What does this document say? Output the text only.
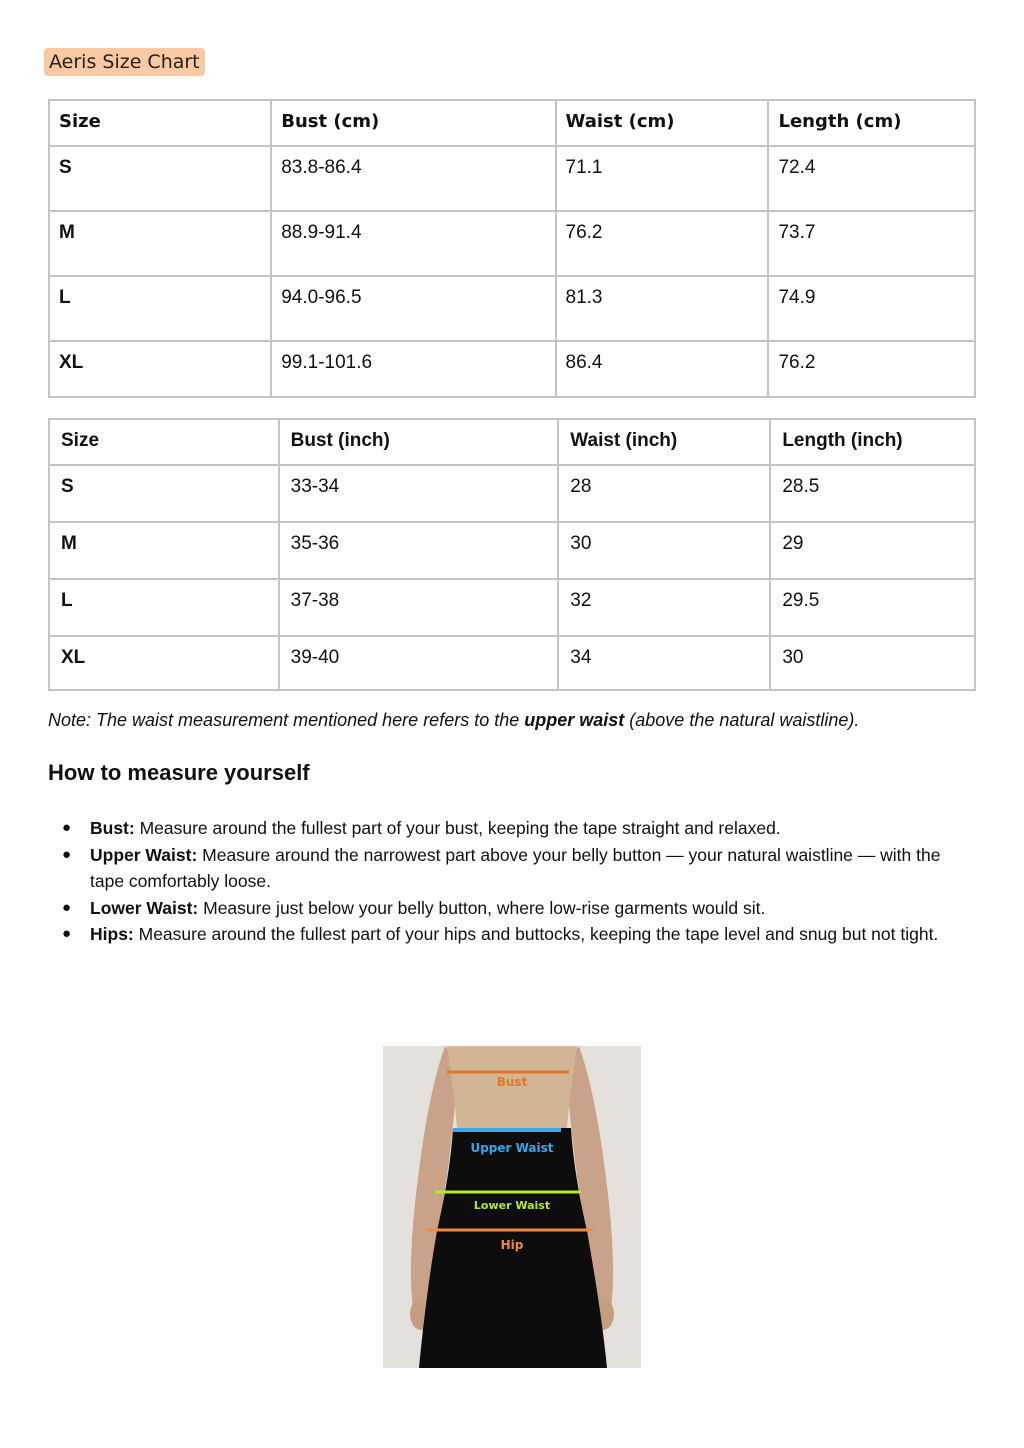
Aeris Size Chart
Size	Bust (cm)	Waist (cm)	Length (cm)
S	83.8-86.4	71.1	72.4
M	88.9-91.4	76.2	73.7
L	94.0-96.5	81.3	74.9
XL	99.1-101.6	86.4	76.2
Size	Bust (inch)	Waist (inch)	Length (inch)
S	33-34	28	28.5
M	35-36	30	29
L	37-38	32	29.5
XL	39-40	34	30

Note: The waist measurement mentioned here refers to the upper waist (above the natural waistline).

How to measure yourself
● Bust: Measure around the fullest part of your bust, keeping the tape straight and relaxed.
● Upper Waist: Measure around the narrowest part above your belly button — your natural waistline — with the tape comfortably loose.
● Lower Waist: Measure just below your belly button, where low-rise garments would sit.
● Hips: Measure around the fullest part of your hips and buttocks, keeping the tape level and snug but not tight.
Bust
Upper Waist
Lower Waist
Hip
